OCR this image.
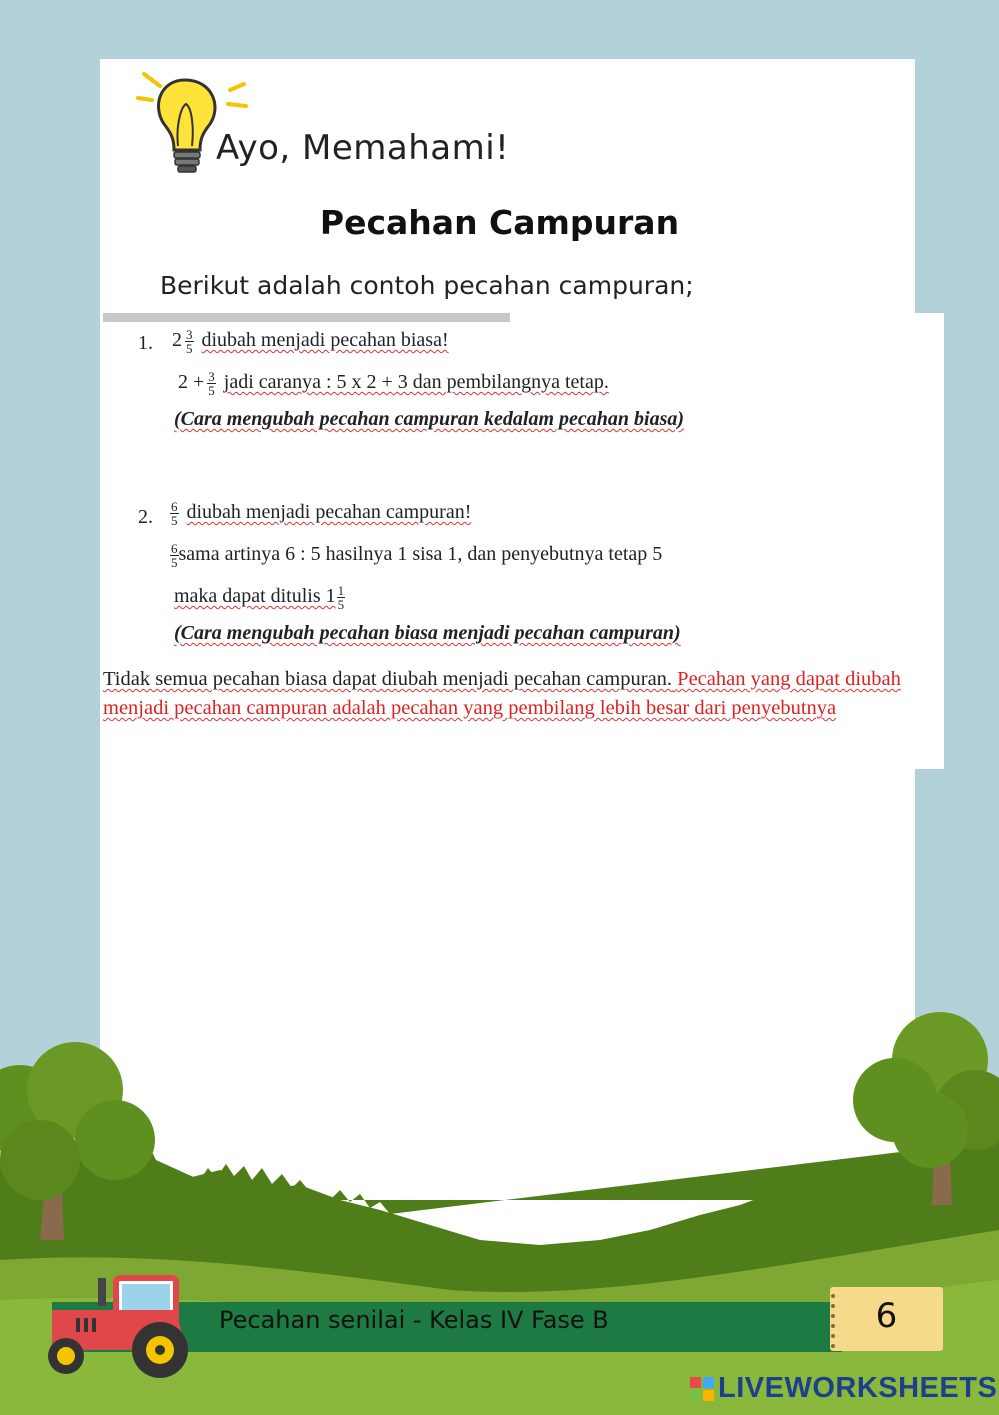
Ayo, Memahami!
Pecahan Campuran
Berikut adalah contoh pecahan campuran;
1. $2 \frac{3}{5}$ diubah menjadi pecahan biasa!
$2 + \frac{3}{5}$ jadi caranya : 5 x 2 + 3 dan pembilangnya tetap.
(Cara mengubah pecahan campuran kedalam pecahan biasa)
2. $\frac{6}{5}$ diubah menjadi pecahan campuran!
$\frac{6}{5}$ sama artinya 6 : 5 hasilnya 1 sisa 1, dan penyebutnya tetap 5
maka dapat ditulis $1 \frac{1}{5}$
(Cara mengubah pecahan biasa menjadi pecahan campuran)
Tidak semua pecahan biasa dapat diubah menjadi pecahan campuran. Pecahan yang dapat diubah menjadi pecahan campuran adalah pecahan yang pembilang lebih besar dari penyebutnya
Pecahan senilai - Kelas IV Fase B	6
LIVEWORKSHEETS
